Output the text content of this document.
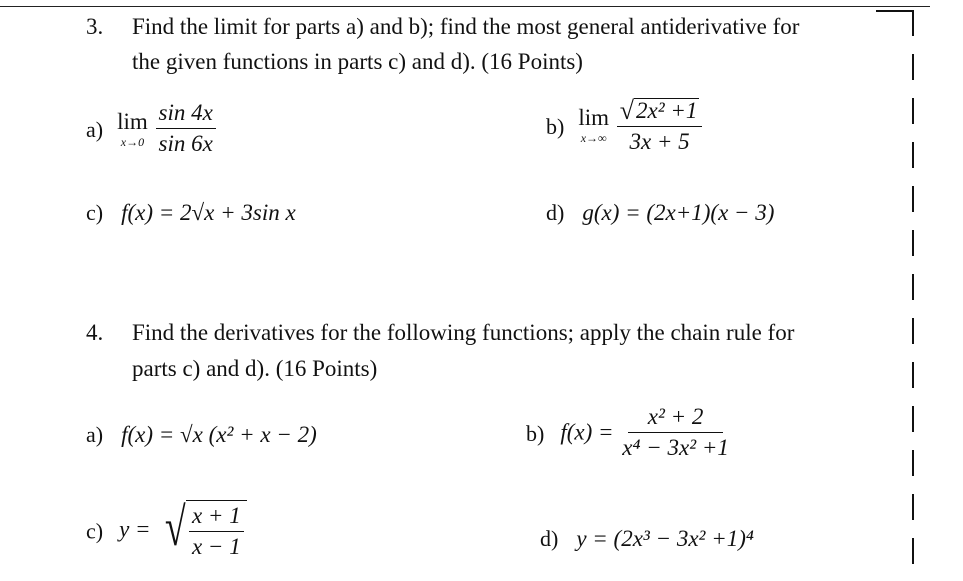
3. Find the limit for parts a) and b); find the most general antiderivative for
the given functions in parts c) and d). (16 Points)
a) lim
x→0
$\frac{\sin 4x}{\sin 6x}$	b) lim
x→∞
$\frac{\text{√ 2x² +1}}{3x + 5}$
c) f(x) = 2√x + 3sin x	d) g(x) = (2x+1)(x − 3)
4. Find the derivatives for the following functions; apply the chain rule for
parts c) and d). (16 Points)
a) f(x) = √x (x² + x − 2)	b) $f(x) = \frac{\text{x² + 2}}{\text{x⁴ − 3x² +1}}$
c) y = √ $\frac{x + 1}{x - 1}$	d) y = (2x³ − 3x² +1)⁴
